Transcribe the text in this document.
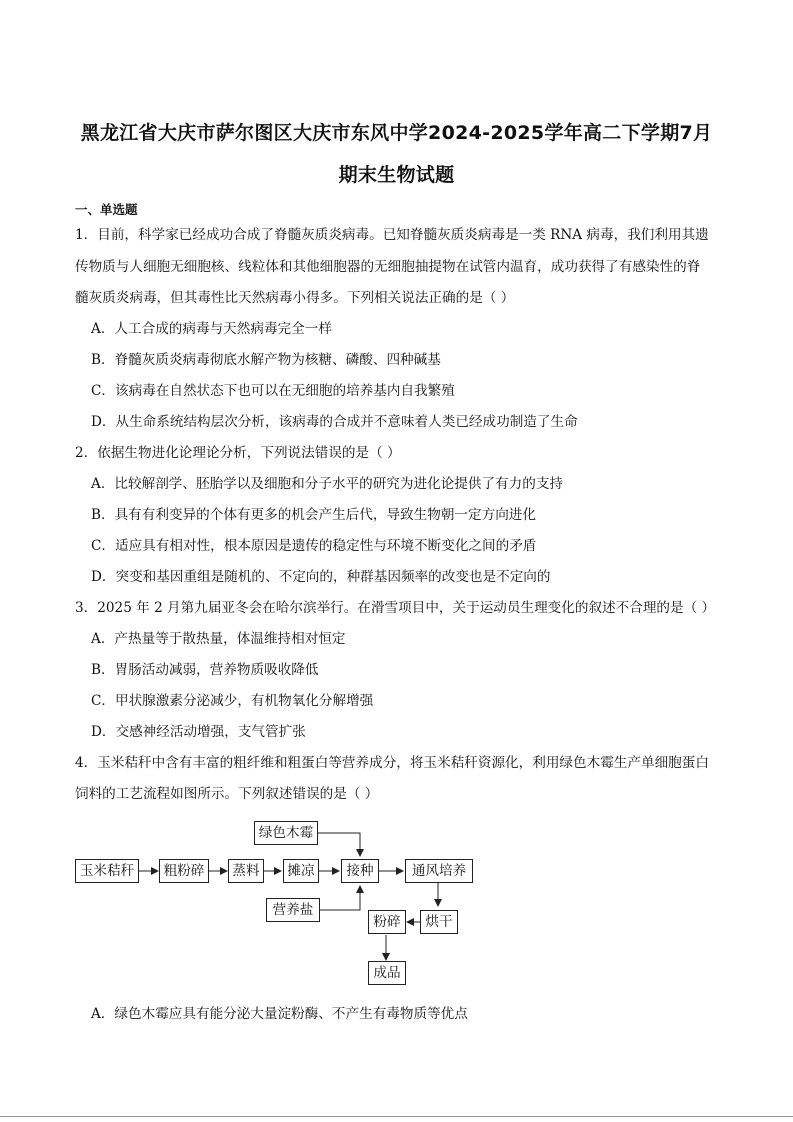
黑龙江省大庆市萨尔图区大庆市东风中学2024-2025学年高二下学期7月
期末生物试题
一、单选题
1．目前，科学家已经成功合成了脊髓灰质炎病毒。已知脊髓灰质炎病毒是一类 RNA 病毒，我们利用其遗
传物质与人细胞无细胞核、线粒体和其他细胞器的无细胞抽提物在试管内温育，成功获得了有感染性的脊
髓灰质炎病毒，但其毒性比天然病毒小得多。下列相关说法正确的是（ ）
A．人工合成的病毒与天然病毒完全一样
B．脊髓灰质炎病毒彻底水解产物为核糖、磷酸、四种碱基
C．该病毒在自然状态下也可以在无细胞的培养基内自我繁殖
D．从生命系统结构层次分析，该病毒的合成并不意味着人类已经成功制造了生命
2．依据生物进化论理论分析，下列说法错误的是（ ）
A．比较解剖学、胚胎学以及细胞和分子水平的研究为进化论提供了有力的支持
B．具有有利变异的个体有更多的机会产生后代，导致生物朝一定方向进化
C．适应具有相对性，根本原因是遗传的稳定性与环境不断变化之间的矛盾
D．突变和基因重组是随机的、不定向的，种群基因频率的改变也是不定向的
3．2025 年 2 月第九届亚冬会在哈尔滨举行。在滑雪项目中，关于运动员生理变化的叙述不合理的是（ ）
A．产热量等于散热量，体温维持相对恒定
B．胃肠活动减弱，营养物质吸收降低
C．甲状腺激素分泌减少，有机物氧化分解增强
D．交感神经活动增强，支气管扩张
4．玉米秸秆中含有丰富的粗纤维和粗蛋白等营养成分，将玉米秸秆资源化，利用绿色木霉生产单细胞蛋白
饲料的工艺流程如图所示。下列叙述错误的是（ ）
玉米秸秆	粗粉碎	蒸料	摊凉
绿色木霉
接种
营养盐
通风培养
烘干
粉碎
成品
A．绿色木霉应具有能分泌大量淀粉酶、不产生有毒物质等优点
